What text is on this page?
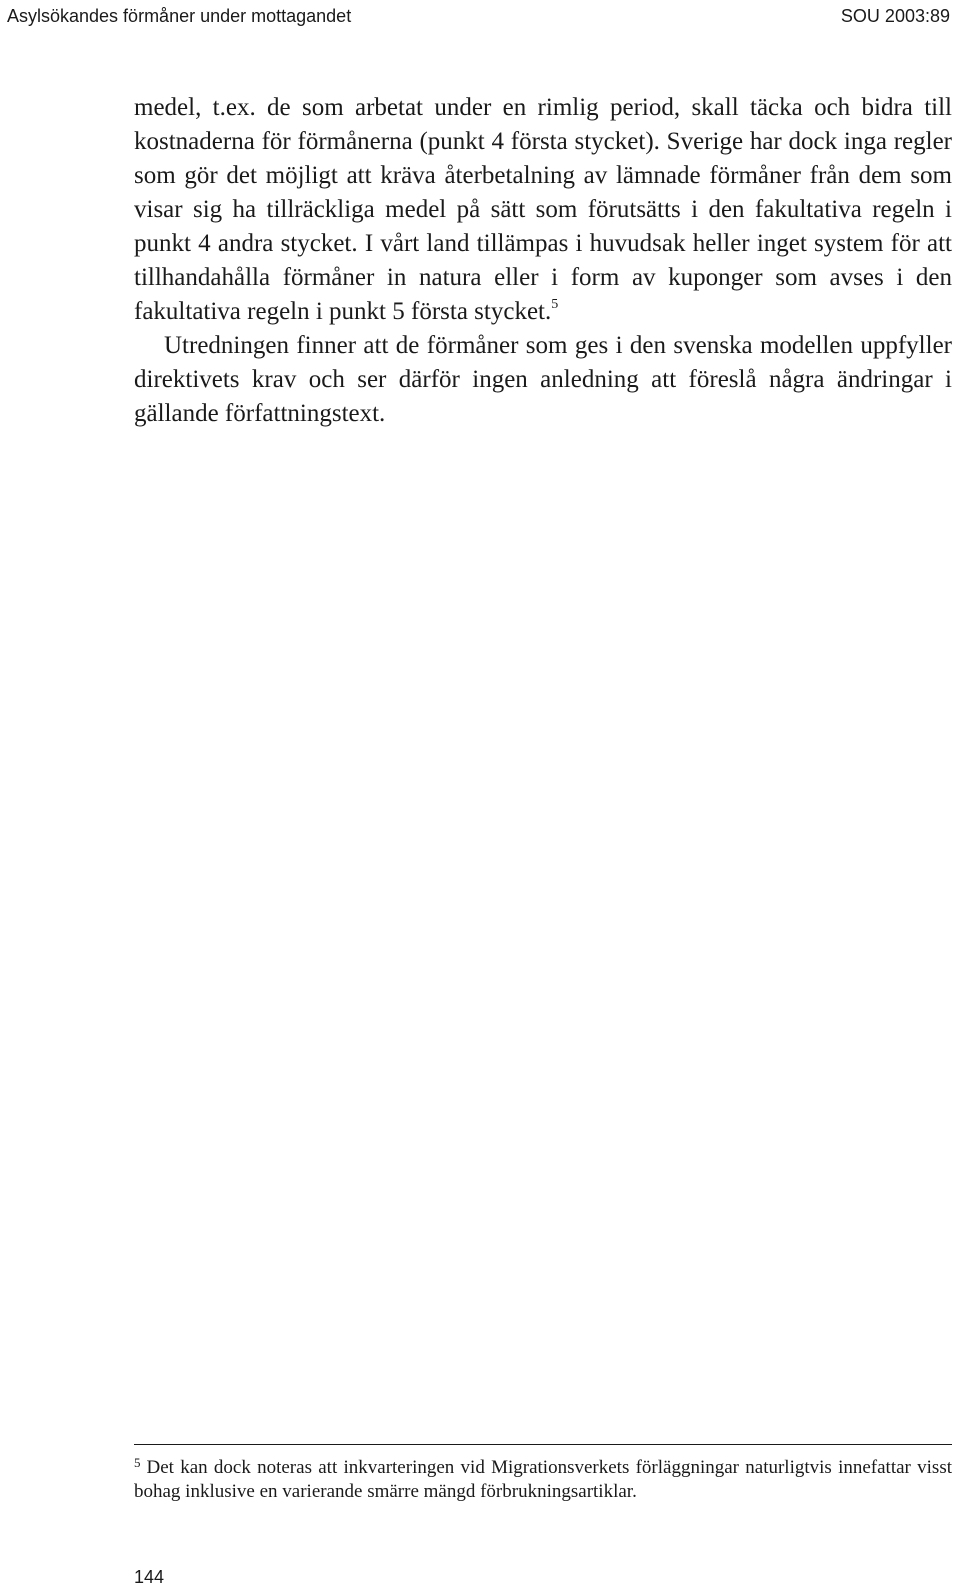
Asylsökandes förmåner under mottagandet	SOU 2003:89

medel, t.ex. de som arbetat under en rimlig period, skall täcka och bidra till kostnaderna för förmånerna (punkt 4 första stycket). Sverige har dock inga regler som gör det möjligt att kräva återbetalning av lämnade förmåner från dem som visar sig ha tillräckliga medel på sätt som förutsätts i den fakultativa regeln i punkt 4 andra stycket. I vårt land tillämpas i huvudsak heller inget system för att tillhandahålla förmåner in natura eller i form av kuponger som avses i den fakultativa regeln i punkt 5 första stycket.$^5$

Utredningen finner att de förmåner som ges i den svenska modellen uppfyller direktivets krav och ser därför ingen anledning att föreslå några ändringar i gällande författningstext.

$^5$ Det kan dock noteras att inkvarteringen vid Migrationsverkets förläggningar naturligtvis innefattar visst bohag inklusive en varierande smärre mängd förbrukningsartiklar.
144
